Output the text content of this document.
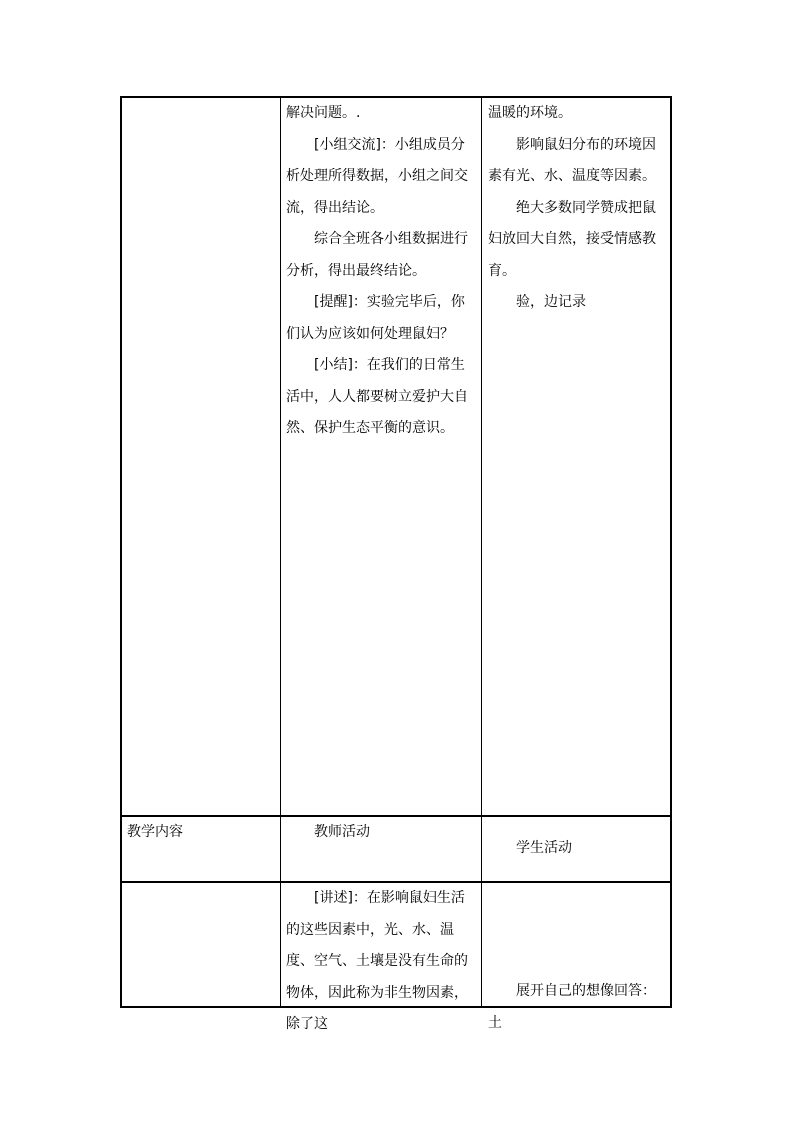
解决问题。.

[小组交流]：小组成员分析处理所得数据，小组之间交流，得出结论。

综合全班各小组数据进行分析，得出最终结论。

[提醒]：实验完毕后，你们认为应该如何处理鼠妇？

[小结]：在我们的日常生活中，人人都要树立爱护大自然、保护生态平衡的意识。

温暖的环境。

影响鼠妇分布的环境因素有光、水、温度等因素。

绝大多数同学赞成把鼠妇放回大自然，接受情感教育。

验，边记录

教学内容	教师活动
学生活动
[讲述]：在影响鼠妇生活的这些因素中，光、水、温度、空气、土壤是没有生命的物体，因此称为非生物因素，除了这
展开自己的想像回答：土
